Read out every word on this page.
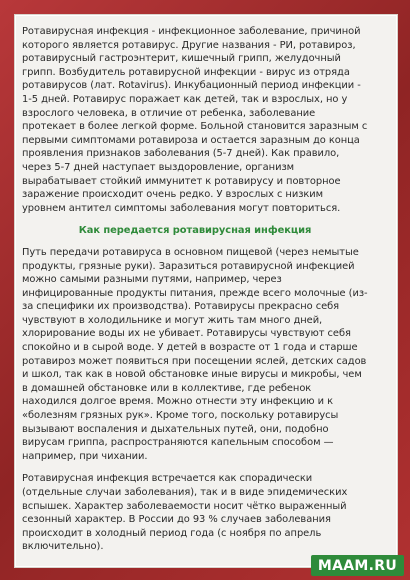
Ротавирусная инфекция - инфекционное заболевание, причиной которого является ротавирус. Другие названия - РИ, ротавироз, ротавирусный гастроэнтерит, кишечный грипп, желудочный грипп. Возбудитель ротавирусной инфекции - вирус из отряда ротавирусов (лат. Rotavirus). Инкубационный период инфекции - 1-5 дней. Ротавирус поражает как детей, так и взрослых, но у взрослого человека, в отличие от ребенка, заболевание протекает в более легкой форме. Больной становится заразным с первыми симптомами ротавироза и остается заразным до конца проявления признаков заболевания (5-7 дней). Как правило, через 5-7 дней наступает выздоровление, организм вырабатывает стойкий иммунитет к ротавирусу и повторное заражение происходит очень редко. У взрослых с низким уровнем антител симптомы заболевания могут повториться.

Как передается ротавирусная инфекция

Путь передачи ротавируса в основном пищевой (через немытые продукты, грязные руки). Заразиться ротавирусной инфекцией можно самыми разными путями, например, через инфицированные продукты питания, прежде всего молочные (из-за специфики их производства). Ротавирусы прекрасно себя чувствуют в холодильнике и могут жить там много дней, хлорирование воды их не убивает. Ротавирусы чувствуют себя спокойно и в сырой воде. У детей в возрасте от 1 года и старше ротавироз может появиться при посещении яслей, детских садов и школ, так как в новой обстановке иные вирусы и микробы, чем в домашней обстановке или в коллективе, где ребенок находился долгое время. Можно отнести эту инфекцию и к «болезням грязных рук». Кроме того, поскольку ротавирусы вызывают воспаления и дыхательных путей, они, подобно вирусам гриппа, распространяются капельным способом — например, при чихании.

Ротавирусная инфекция встречается как спорадически (отдельные случаи заболевания), так и в виде эпидемических вспышек. Характер заболеваемости носит чётко выраженный сезонный характер. В России до 93 % случаев заболевания происходит в холодный период года (с ноября по апрель включительно).

MAAM.RU
